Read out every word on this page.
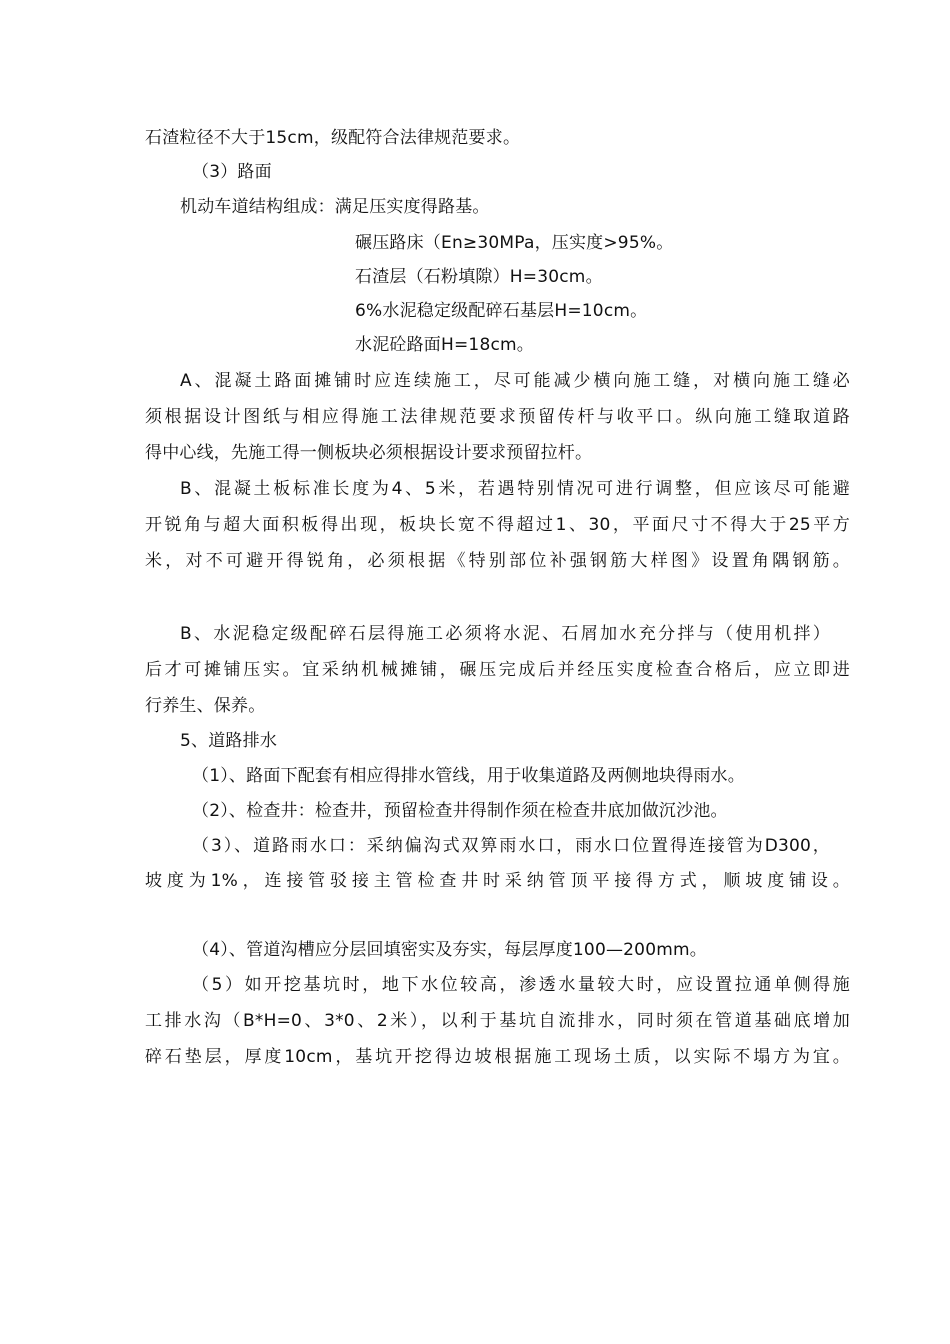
石渣粒径不大于15cm，级配符合法律规范要求。
（3）路面
机动车道结构组成：满足压实度得路基。
碾压路床（En≥30MPa，压实度>95%。
石渣层（石粉填隙）H=30cm。
6%水泥稳定级配碎石基层H=10cm。
水泥砼路面H=18cm。
A、混凝土路面摊铺时应连续施工，尽可能减少横向施工缝，对横向施工缝必
须根据设计图纸与相应得施工法律规范要求预留传杆与收平口。纵向施工缝取道路
得中心线，先施工得一侧板块必须根据设计要求预留拉杆。
B、混凝土板标准长度为4、5米，若遇特别情况可进行调整，但应该尽可能避
开锐角与超大面积板得出现，板块长宽不得超过1、30，平面尺寸不得大于25平方
米，对不可避开得锐角，必须根据《特别部位补强钢筋大样图》设置角隅钢筋。
B、水泥稳定级配碎石层得施工必须将水泥、石屑加水充分拌与（使用机拌）
后才可摊铺压实。宜采纳机械摊铺，碾压完成后并经压实度检查合格后，应立即进
行养生、保养。
5、道路排水
（1）、路面下配套有相应得排水管线，用于收集道路及两侧地块得雨水。
（2）、检查井：检查井，预留检查井得制作须在检查井底加做沉沙池。
（3）、道路雨水口：采纳偏沟式双箅雨水口，雨水口位置得连接管为D300，
坡度为1%，连接管驳接主管检查井时采纳管顶平接得方式，顺坡度铺设。
（4）、管道沟槽应分层回填密实及夯实，每层厚度100—200mm。
（5）如开挖基坑时，地下水位较高，渗透水量较大时，应设置拉通单侧得施
工排水沟（B*H=0、3*0、2米），以利于基坑自流排水，同时须在管道基础底增加
碎石垫层，厚度10cm，基坑开挖得边坡根据施工现场土质，以实际不塌方为宜。
